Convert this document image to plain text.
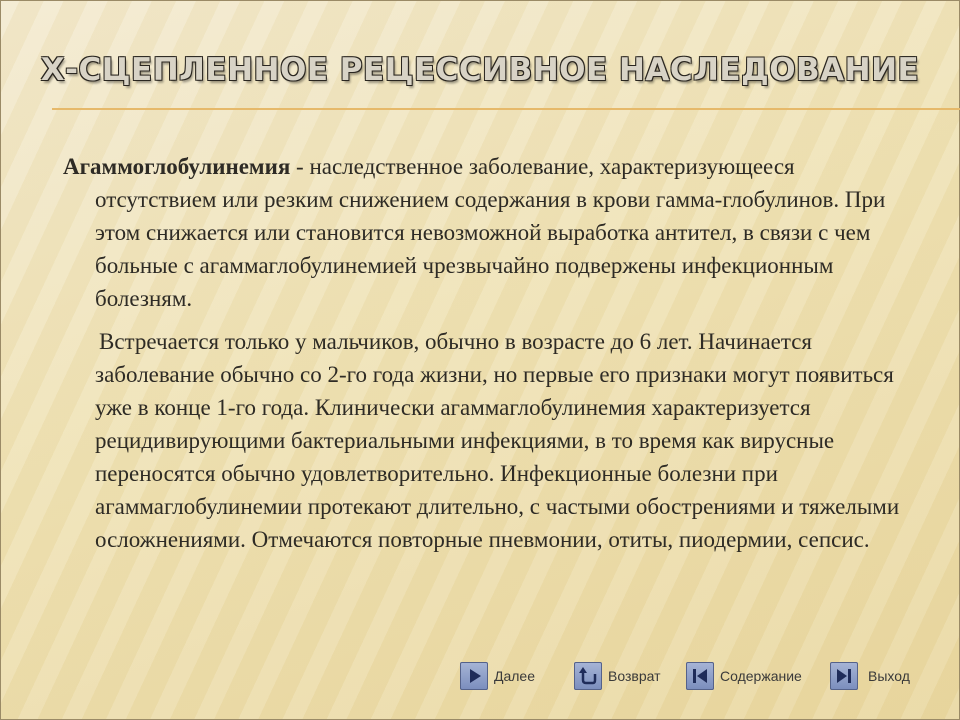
Х-СЦЕПЛЕННОЕ РЕЦЕССИВНОЕ НАСЛЕДОВАНИЕ

Агаммоглобулинемия - наследственное заболевание, характеризующееся отсутствием или резким снижением содержания в крови гамма-глобулинов. При этом снижается или становится невозможной выработка антител, в связи с чем больные с агаммаглобулинемией чрезвычайно подвержены инфекционным болезням.

Встречается только у мальчиков, обычно в возрасте до 6 лет. Начинается заболевание обычно со 2-го года жизни, но первые его признаки могут появиться уже в конце 1-го года. Клинически агаммаглобулинемия характеризуется рецидивирующими бактериальными инфекциями, в то время как вирусные переносятся обычно удовлетворительно. Инфекционные болезни при агаммаглобулинемии протекают длительно, с частыми обострениями и тяжелыми осложнениями. Отмечаются повторные пневмонии, отиты, пиодермии, сепсис.

Далее	Возврат	Содержание	Выход
